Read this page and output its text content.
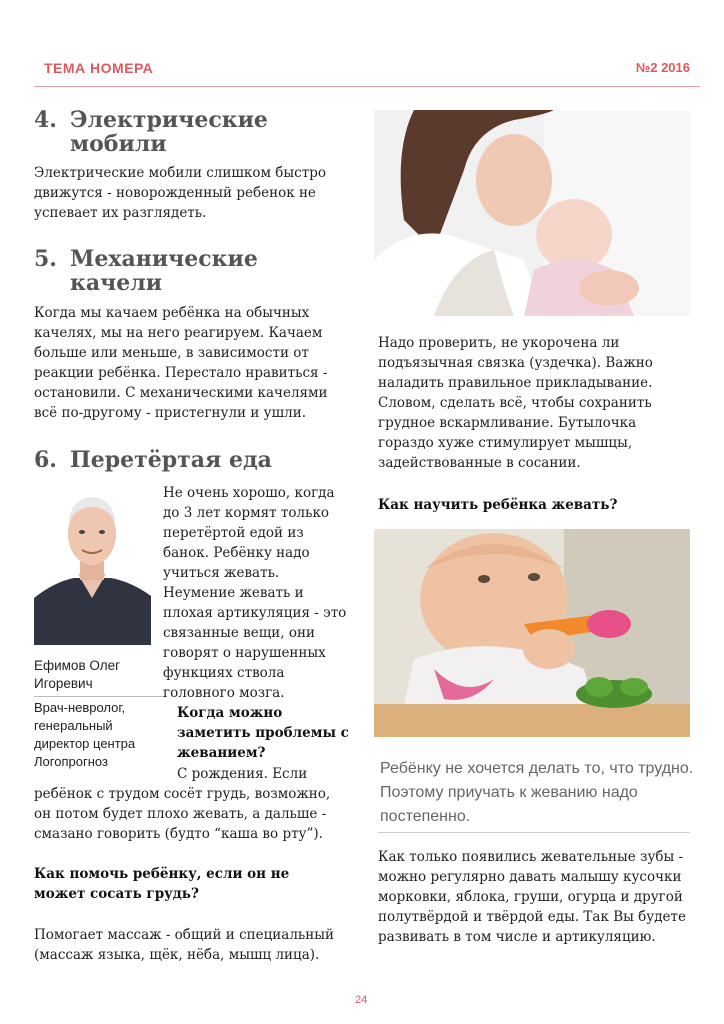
ТЕМА НОМЕРА	№2 2016
4. Электрические
мобили
Электрические мобили слишком быстро движутся - новорожденный ребенок не успевает их разглядеть.
5. Механические
качели
Когда мы качаем ребёнка на обычных качелях, мы на него реагируем. Качаем больше или меньше, в зависимости от реакции ребёнка. Перестало нравиться - остановили. С механическими качелями всё по-другому - пристегнули и ушли.
6. Перетёртая еда
Ефимов Олег Игоревич
Врач-невролог, генеральный директор центра Логопрогноз
Не очень хорошо, когда до 3 лет кормят только перетёртой едой из банок. Ребёнку надо учиться жевать. Неумение жевать и плохая артикуляция - это связанные вещи, они говорят о нарушенных функциях ствола головного мозга.
Когда можно заметить проблемы с жеванием?
С рождения. Если
ребёнок с трудом сосёт грудь, возможно, он потом будет плохо жевать, а дальше - смазано говорить (будто “каша во рту”).
Как помочь ребёнку, если он не может сосать грудь?
Помогает массаж - общий и специальный (массаж языка, щёк, нёба, мышц лица).
Надо проверить, не укорочена ли подъязычная связка (уздечка). Важно наладить правильное прикладывание. Словом, сделать всё, чтобы сохранить грудное вскармливание. Бутылочка гораздо хуже стимулирует мышцы, задействованные в сосании.
Как научить ребёнка жевать?
Ребёнку не хочется делать то, что трудно. Поэтому приучать к жеванию надо постепенно.
Как только появились жевательные зубы - можно регулярно давать малышу кусочки морковки, яблока, груши, огурца и другой полутвёрдой и твёрдой еды. Так Вы будете развивать в том числе и артикуляцию.
24
